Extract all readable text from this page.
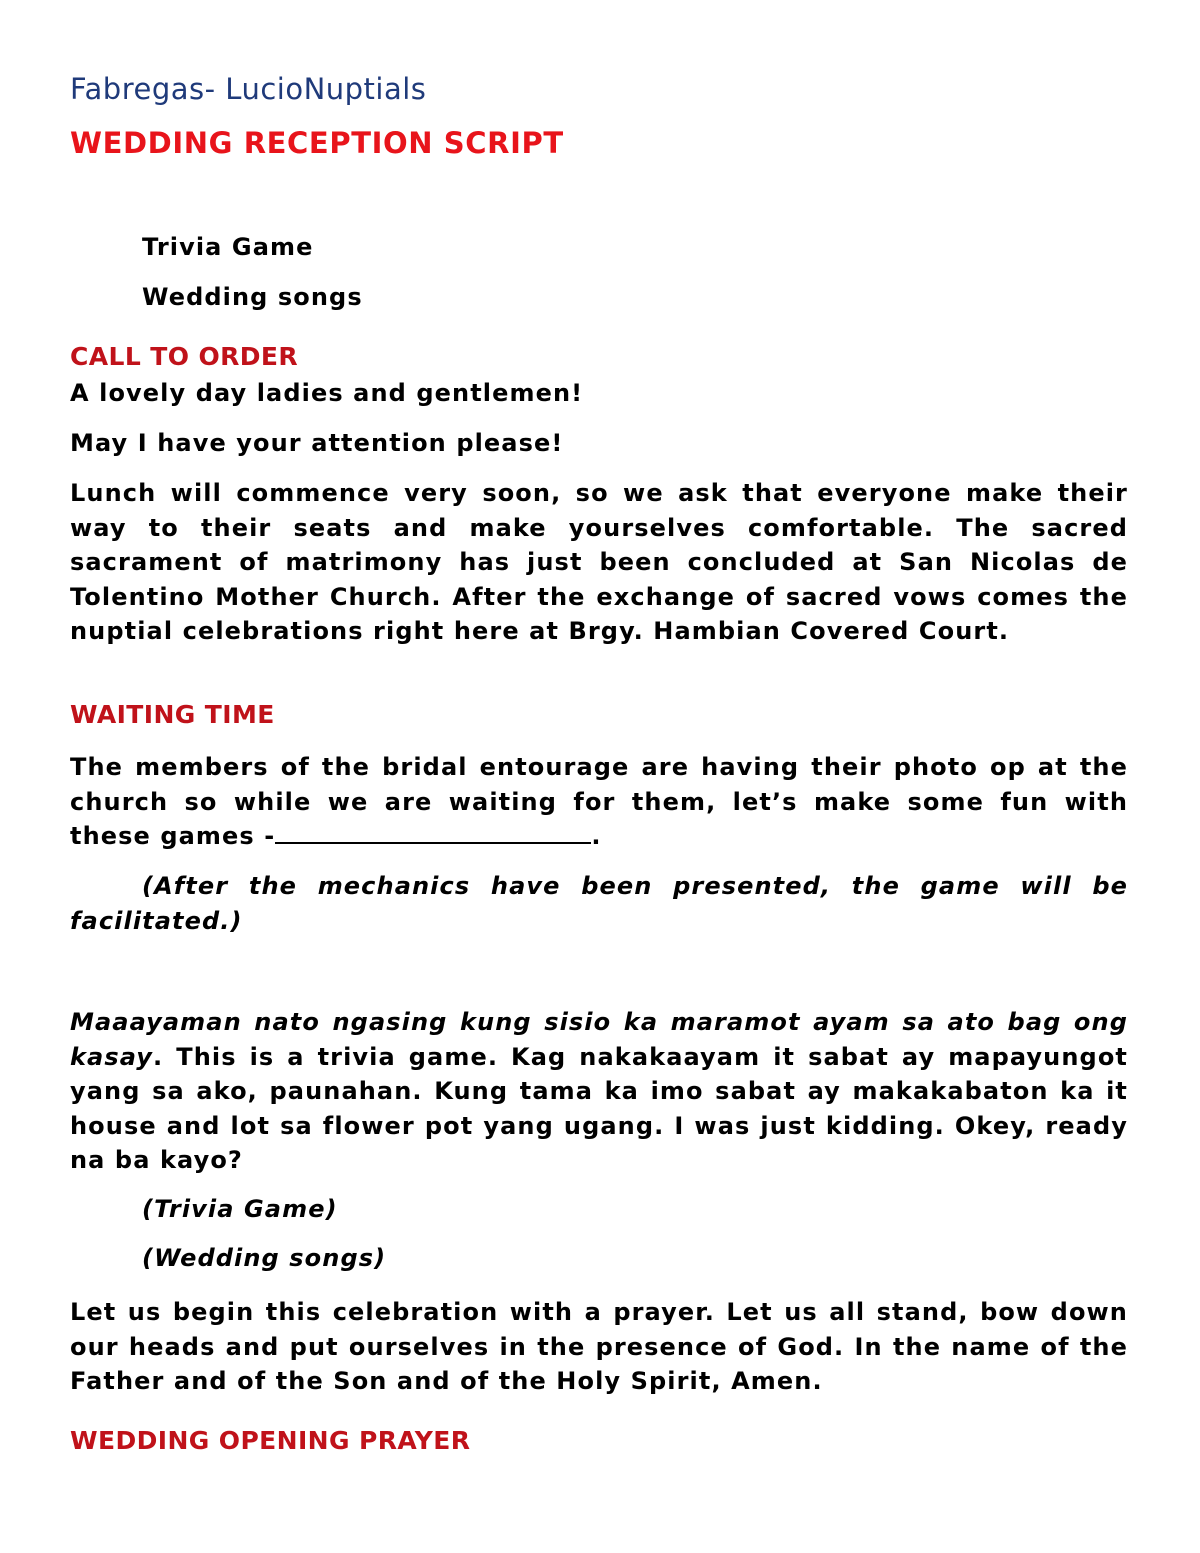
Fabregas- LucioNuptials

WEDDING RECEPTION SCRIPT

Trivia Game

Wedding songs

CALL TO ORDER

A lovely day ladies and gentlemen!

May I have your attention please!

Lunch will commence very soon, so we ask that everyone make their way to their seats and make yourselves comfortable. The sacred sacrament of matrimony has just been concluded at San Nicolas de Tolentino Mother Church. After the exchange of sacred vows comes the nuptial celebrations right here at Brgy. Hambian Covered Court.

WAITING TIME

The members of the bridal entourage are having their photo op at the church so while we are waiting for them, let’s make some fun with these games -	.

(After the mechanics have been presented, the game will be facilitated.)

Maaayaman nato ngasing kung sisio ka maramot ayam sa ato bag ong kasay. This is a trivia game. Kag nakakaayam it sabat ay mapayungot yang sa ako, paunahan. Kung tama ka imo sabat ay makakabaton ka it house and lot sa flower pot yang ugang. I was just kidding. Okey, ready na ba kayo?

(Trivia Game)

(Wedding songs)

Let us begin this celebration with a prayer. Let us all stand, bow down our heads and put ourselves in the presence of God. In the name of the Father and of the Son and of the Holy Spirit, Amen.

WEDDING OPENING PRAYER
